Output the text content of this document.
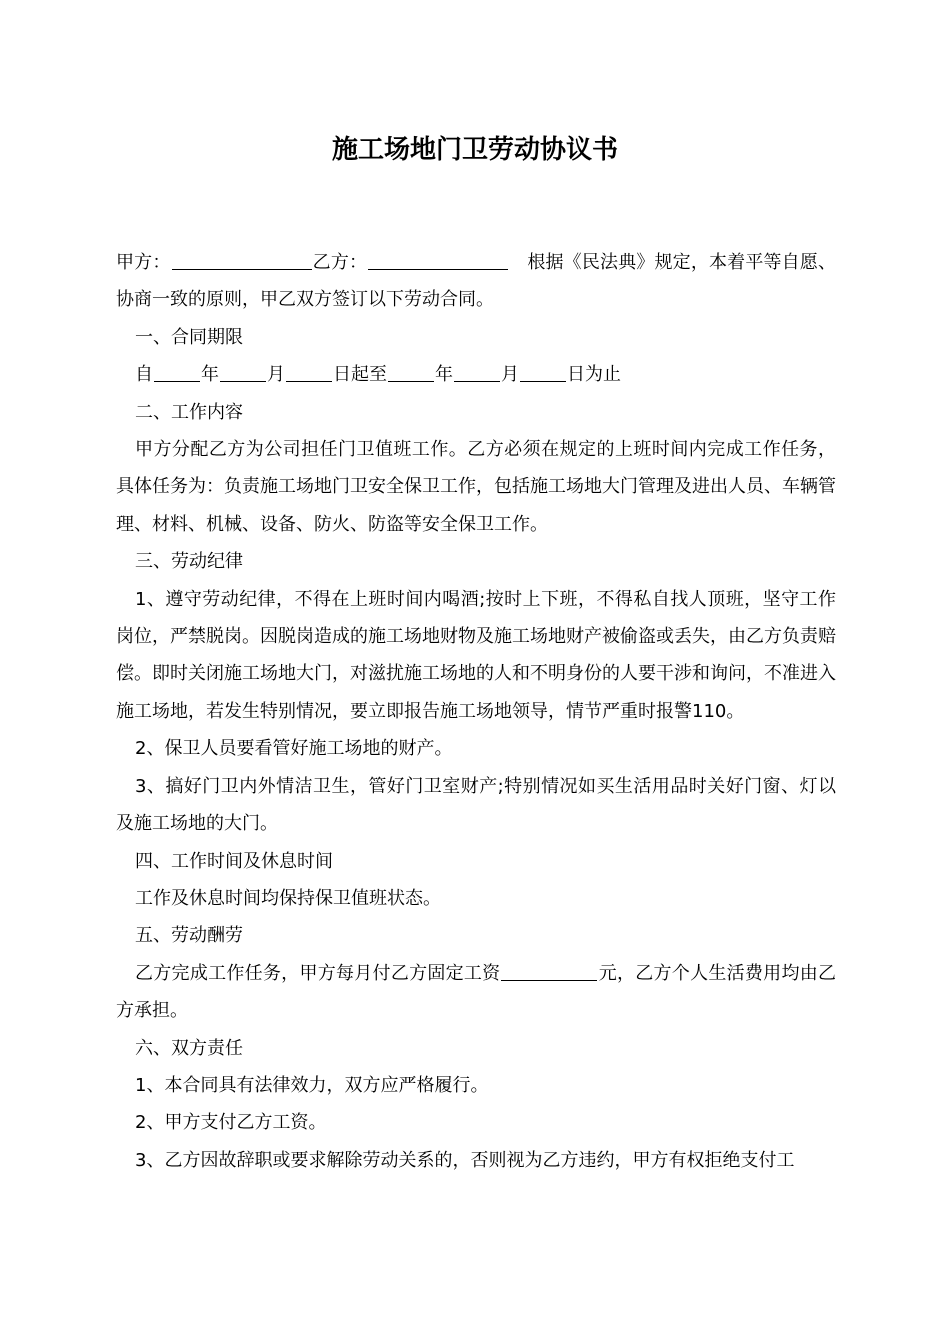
施工场地门卫劳动协议书

甲方：	乙方：	根据《民法典》规定，本着平等自愿、协商一致的原则，甲乙双方签订以下劳动合同。

一、合同期限

自	年	月	日起至	年	月	日为止

二、工作内容

甲方分配乙方为公司担任门卫值班工作。乙方必须在规定的上班时间内完成工作任务，具体任务为：负责施工场地门卫安全保卫工作，包括施工场地大门管理及进出人员、车辆管理、材料、机械、设备、防火、防盗等安全保卫工作。

三、劳动纪律

1、遵守劳动纪律，不得在上班时间内喝酒;按时上下班，不得私自找人顶班，坚守工作岗位，严禁脱岗。因脱岗造成的施工场地财物及施工场地财产被偷盗或丢失，由乙方负责赔偿。即时关闭施工场地大门，对滋扰施工场地的人和不明身份的人要干涉和询问，不准进入施工场地，若发生特别情况，要立即报告施工场地领导，情节严重时报警110。

2、保卫人员要看管好施工场地的财产。

3、搞好门卫内外情洁卫生，管好门卫室财产;特别情况如买生活用品时关好门窗、灯以及施工场地的大门。

四、工作时间及休息时间

工作及休息时间均保持保卫值班状态。

五、劳动酬劳

乙方完成工作任务，甲方每月付乙方固定工资	元，乙方个人生活费用均由乙方承担。

六、双方责任

1、本合同具有法律效力，双方应严格履行。

2、甲方支付乙方工资。

3、乙方因故辞职或要求解除劳动关系的，否则视为乙方违约，甲方有权拒绝支付工
